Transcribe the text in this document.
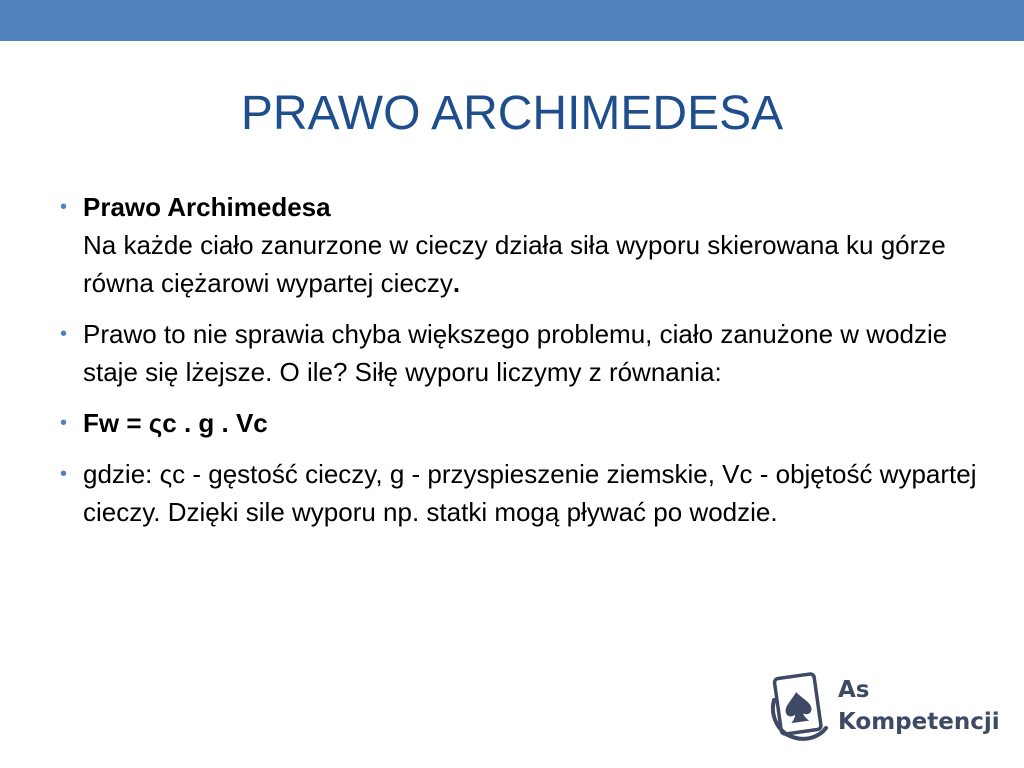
PRAWO ARCHIMEDESA
• Prawo Archimedesa
Na każde ciało zanurzone w cieczy działa siła wyporu skierowana ku górze równa ciężarowi wypartej cieczy.
• Prawo to nie sprawia chyba większego problemu, ciało zanużone w wodzie staje się lżejsze. O ile? Siłę wyporu liczymy z równania:
• Fw = ςc . g . Vc
• gdzie: ςc - gęstość cieczy, g - przyspieszenie ziemskie, Vc - objętość wypartej cieczy. Dzięki sile wyporu np. statki mogą pływać po wodzie.
As
Kompetencji
